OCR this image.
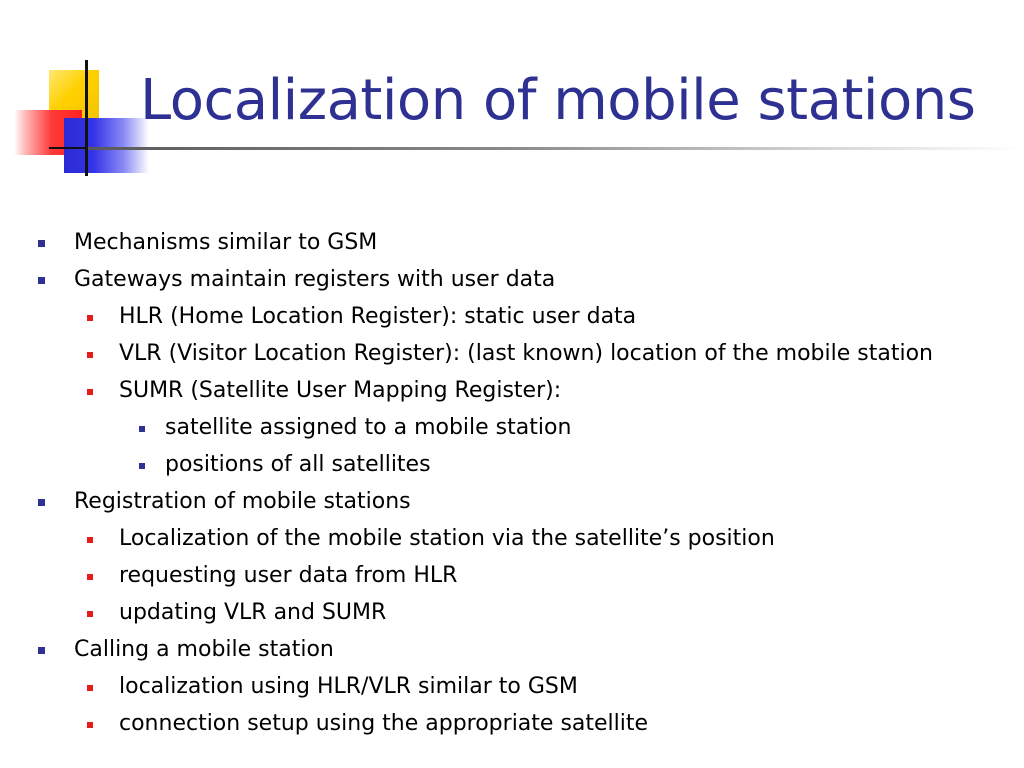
Localization of mobile stations
Mechanisms similar to GSM
Gateways maintain registers with user data
HLR (Home Location Register): static user data
VLR (Visitor Location Register): (last known) location of the mobile station
SUMR (Satellite User Mapping Register):
satellite assigned to a mobile station
positions of all satellites
Registration of mobile stations
Localization of the mobile station via the satellite’s position
requesting user data from HLR
updating VLR and SUMR
Calling a mobile station
localization using HLR/VLR similar to GSM
connection setup using the appropriate satellite
